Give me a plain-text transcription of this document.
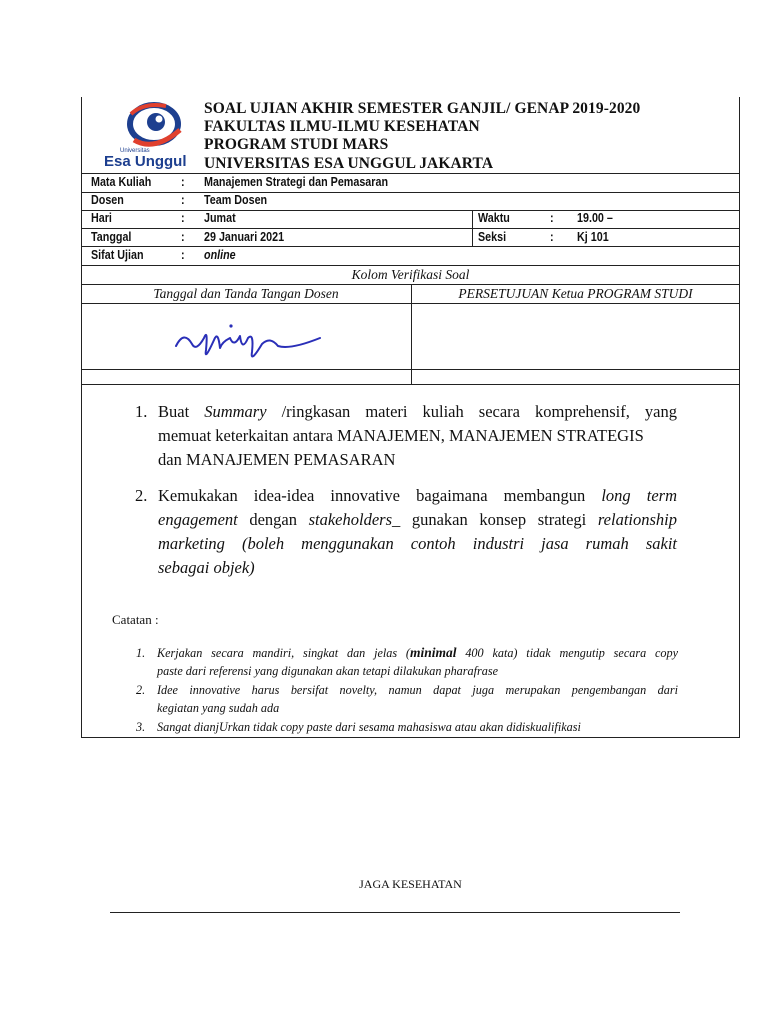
Universitas
Esa Unggul
SOAL UJIAN AKHIR SEMESTER GANJIL/ GENAP 2019-2020
FAKULTAS ILMU-ILMU KESEHATAN
PROGRAM STUDI MARS
UNIVERSITAS ESA UNGGUL JAKARTA
Mata Kuliah : Manajemen Strategi dan Pemasaran
Dosen	: Team Dosen
Hari	: Jumat	Waktu	: 19.00 –
Tanggal	: 29 Januari 2021	Seksi	: Kj 101
Sifat Ujian	: online
Kolom Verifikasi Soal
Tanggal dan Tanda Tangan Dosen	PERSETUJUAN Ketua PROGRAM STUDI
1. Buat Summary /ringkasan materi kuliah secara komprehensif, yang
memuat keterkaitan antara MANAJEMEN, MANAJEMEN STRATEGIS
dan MANAJEMEN PEMASARAN
2. Kemukakan idea-idea innovative bagaimana membangun long term
engagement dengan stakeholders_ gunakan konsep strategi relationship
marketing (boleh menggunakan contoh industri jasa rumah sakit
sebagai objek)
Catatan :
1. Kerjakan secara mandiri, singkat dan jelas (minimal 400 kata) tidak mengutip secara copy
paste dari referensi yang digunakan akan tetapi dilakukan pharafrase
2. Idee innovative harus bersifat novelty, namun dapat juga merupakan pengembangan dari
kegiatan yang sudah ada
3. Sangat dianjUrkan tidak copy paste dari sesama mahasiswa atau akan didiskualifikasi
JAGA KESEHATAN
